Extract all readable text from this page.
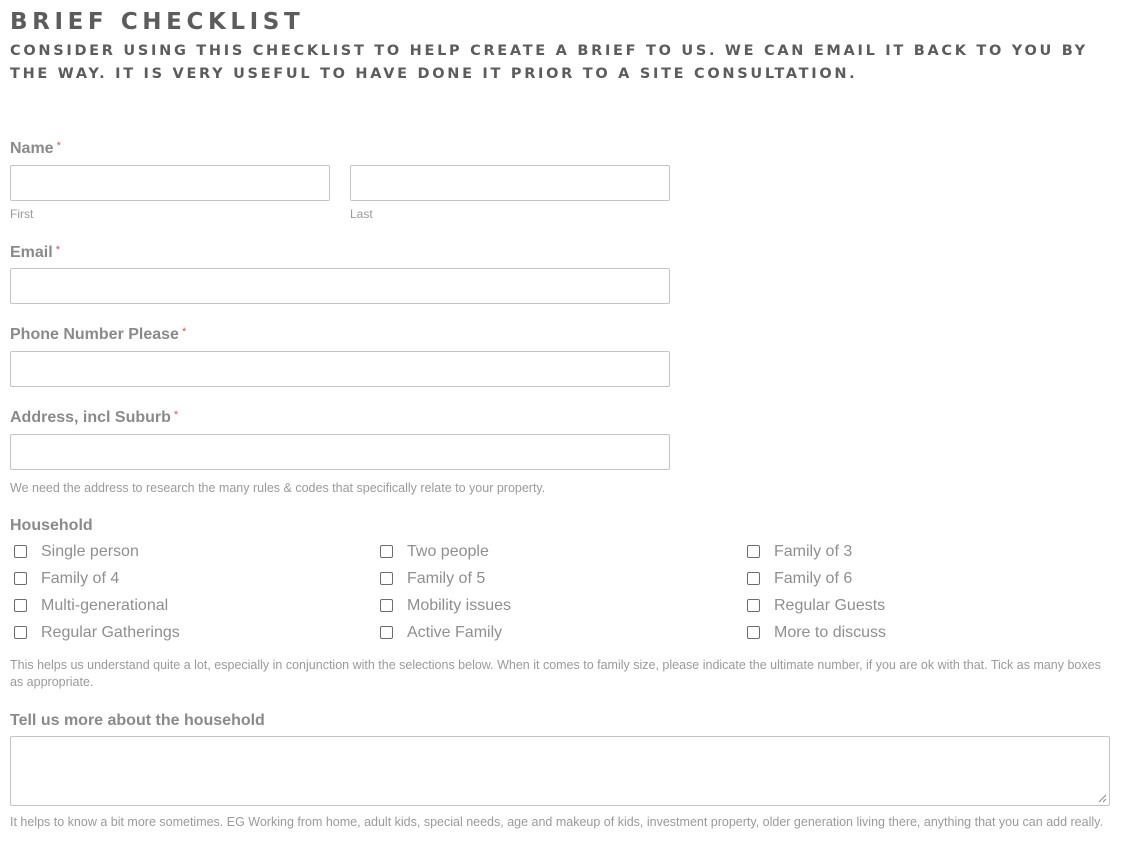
BRIEF CHECKLIST

CONSIDER USING THIS CHECKLIST TO HELP CREATE A BRIEF TO US. WE CAN EMAIL IT BACK TO YOU BY THE WAY. IT IS VERY USEFUL TO HAVE DONE IT PRIOR TO A SITE CONSULTATION.

Name *
First	Last
Email *
Phone Number Please *
Address, incl Suburb *
We need the address to research the many rules & codes that specifically relate to your property.
Household
Single person	Two people	Family of 3
Family of 4	Family of 5	Family of 6
Multi-generational	Mobility issues	Regular Guests
Regular Gatherings	Active Family	More to discuss
This helps us understand quite a lot, especially in conjunction with the selections below. When it comes to family size, please indicate the ultimate number, if you are ok with that. Tick as many boxes as appropriate.
Tell us more about the household
It helps to know a bit more sometimes. EG Working from home, adult kids, special needs, age and makeup of kids, investment property, older generation living there, anything that you can add really.
